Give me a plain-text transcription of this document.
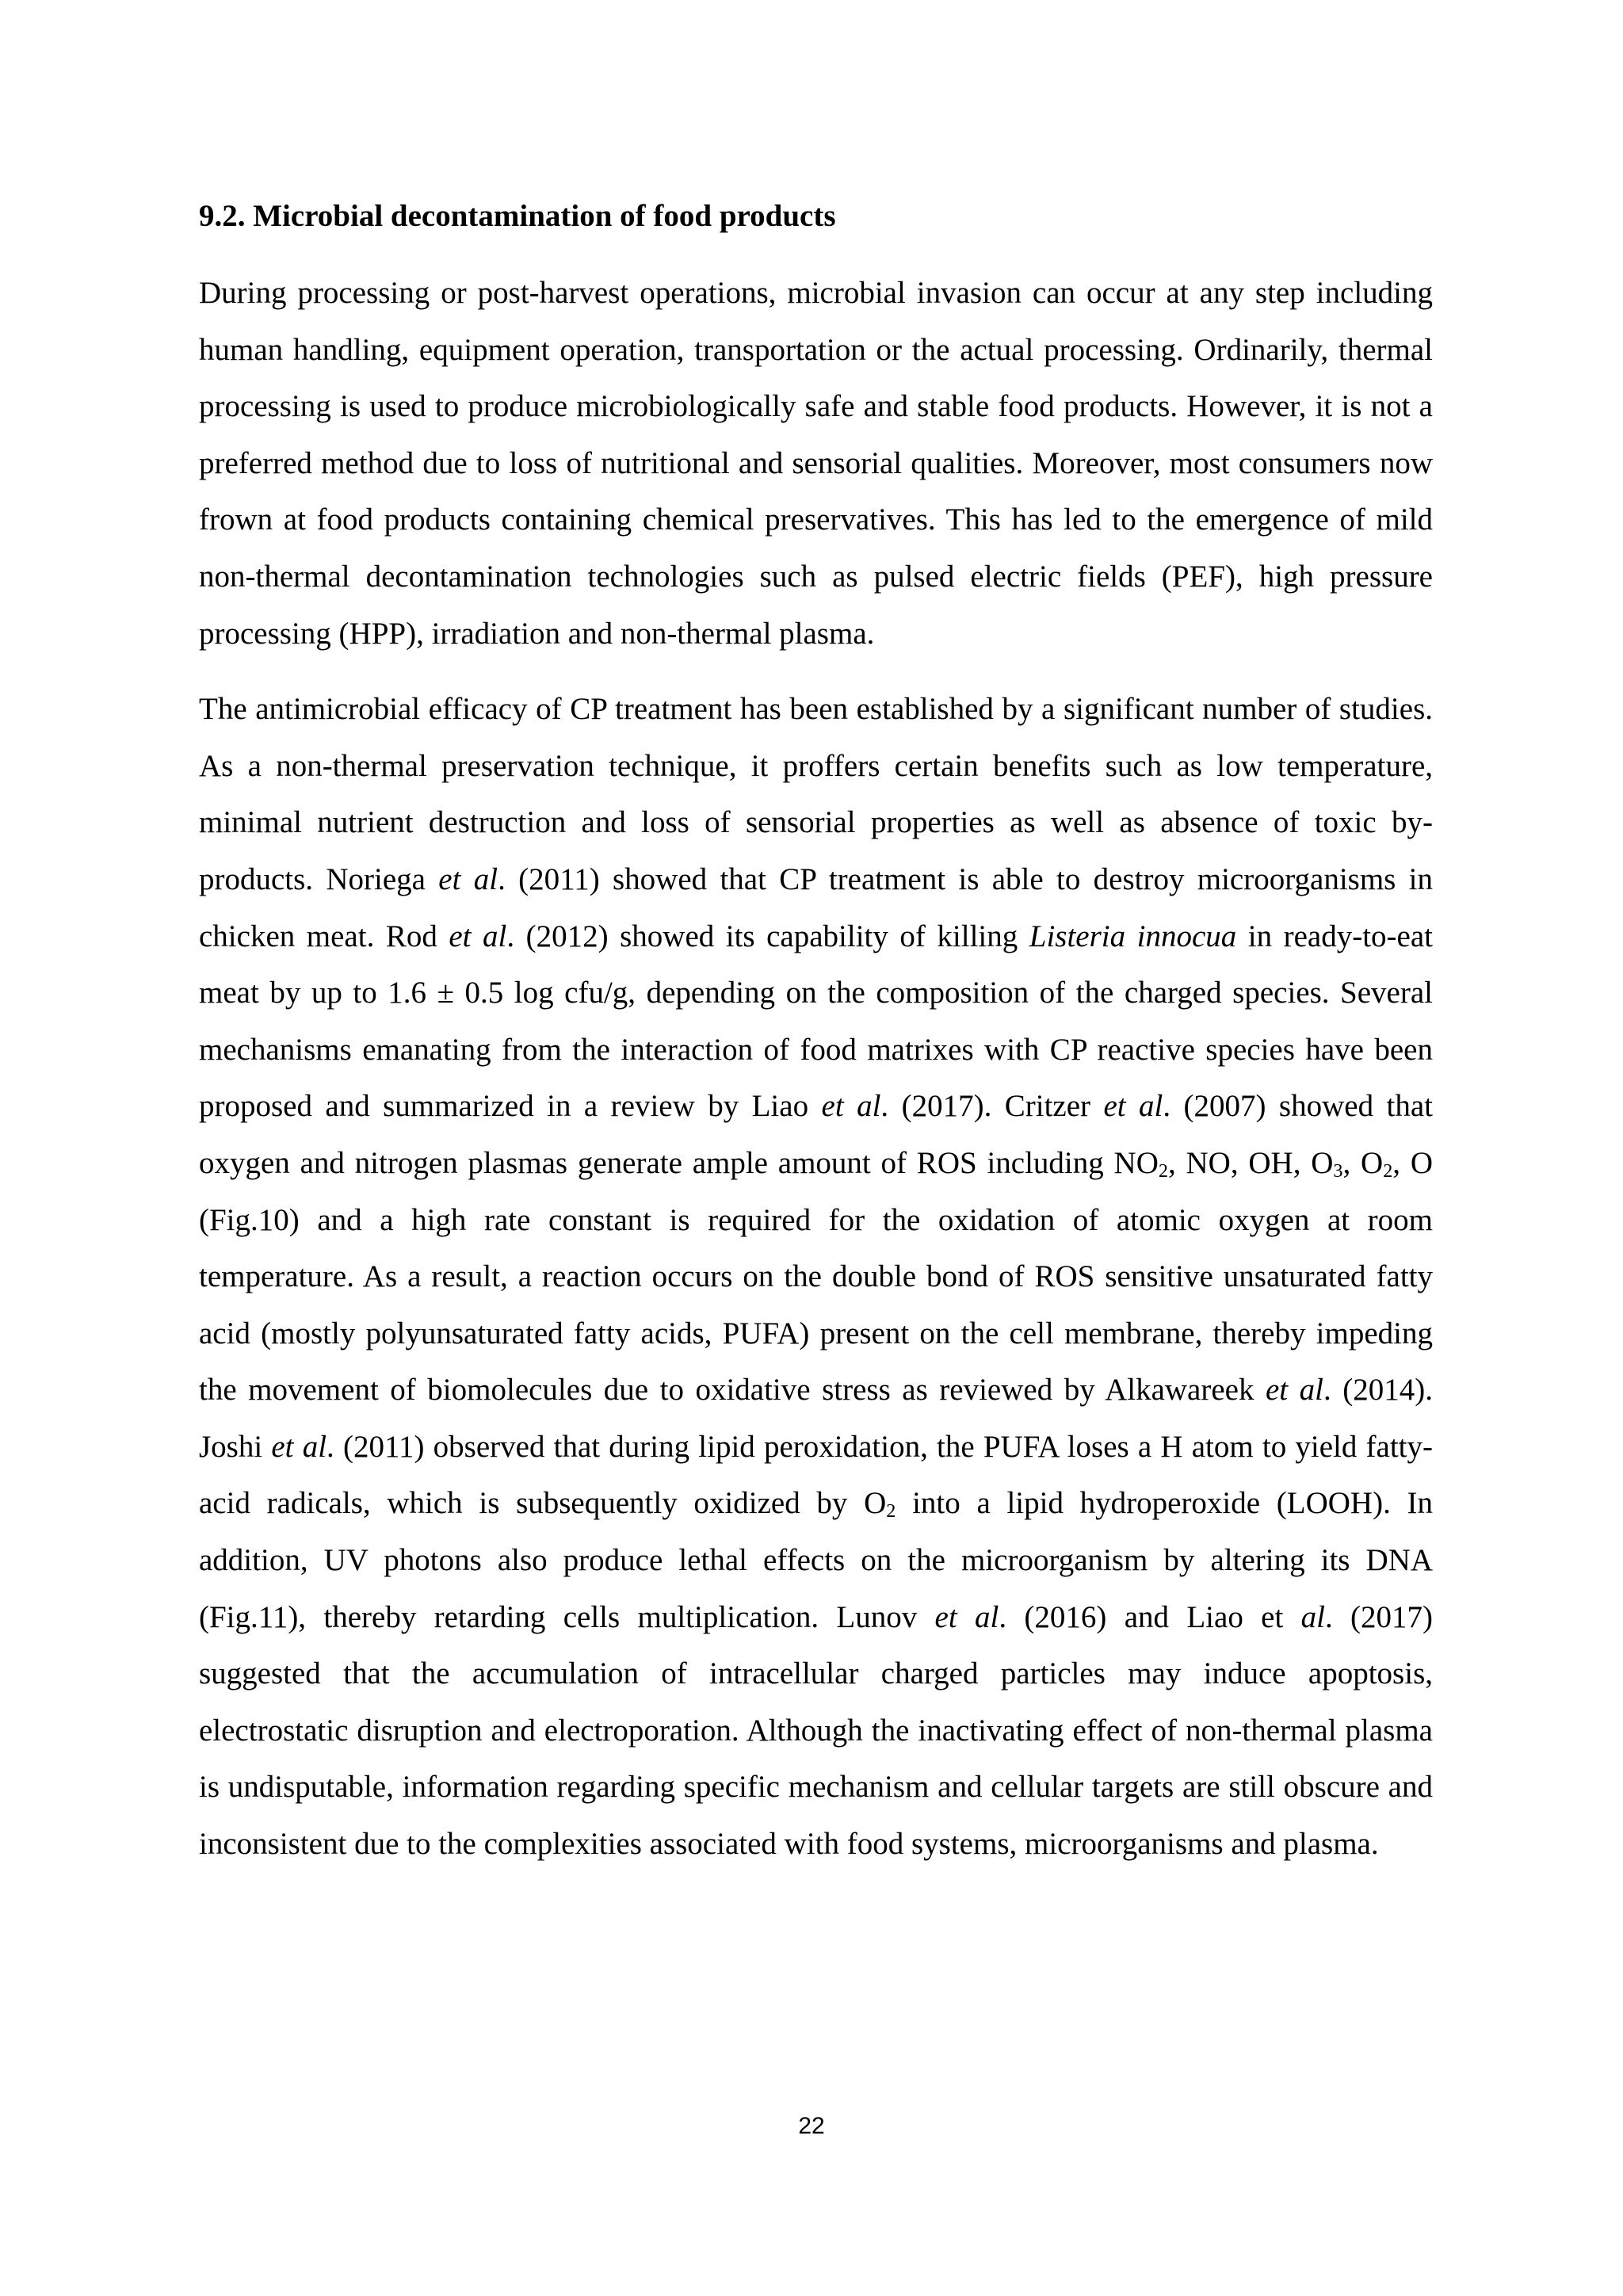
9.2. Microbial decontamination of food products

During processing or post-harvest operations, microbial invasion can occur at any step including human handling, equipment operation, transportation or the actual processing. Ordinarily, thermal processing is used to produce microbiologically safe and stable food products. However, it is not a preferred method due to loss of nutritional and sensorial qualities. Moreover, most consumers now frown at food products containing chemical preservatives. This has led to the emergence of mild non-thermal decontamination technologies such as pulsed electric fields (PEF), high pressure processing (HPP), irradiation and non-thermal plasma.

The antimicrobial efficacy of CP treatment has been established by a significant number of studies. As a non-thermal preservation technique, it proffers certain benefits such as low temperature, minimal nutrient destruction and loss of sensorial properties as well as absence of toxic by-products. Noriega et al. (2011) showed that CP treatment is able to destroy microorganisms in chicken meat. Rod et al. (2012) showed its capability of killing Listeria innocua in ready-to-eat meat by up to 1.6 ± 0.5 log cfu/g, depending on the composition of the charged species. Several mechanisms emanating from the interaction of food matrixes with CP reactive species have been proposed and summarized in a review by Liao et al. (2017). Critzer et al. (2007) showed that oxygen and nitrogen plasmas generate ample amount of ROS including $NO_2$, NO, OH, $O_3$, $O_2$, O (Fig.10) and a high rate constant is required for the oxidation of atomic oxygen at room temperature. As a result, a reaction occurs on the double bond of ROS sensitive unsaturated fatty acid (mostly polyunsaturated fatty acids, PUFA) present on the cell membrane, thereby impeding the movement of biomolecules due to oxidative stress as reviewed by Alkawareek et al. (2014). Joshi et al. (2011) observed that during lipid peroxidation, the PUFA loses a H atom to yield fatty-acid radicals, which is subsequently oxidized by $O_2$ into a lipid hydroperoxide (LOOH). In addition, UV photons also produce lethal effects on the microorganism by altering its DNA (Fig.11), thereby retarding cells multiplication. Lunov et al. (2016) and Liao et al. (2017) suggested that the accumulation of intracellular charged particles may induce apoptosis, electrostatic disruption and electroporation. Although the inactivating effect of non-thermal plasma is undisputable, information regarding specific mechanism and cellular targets are still obscure and inconsistent due to the complexities associated with food systems, microorganisms and plasma.

22
